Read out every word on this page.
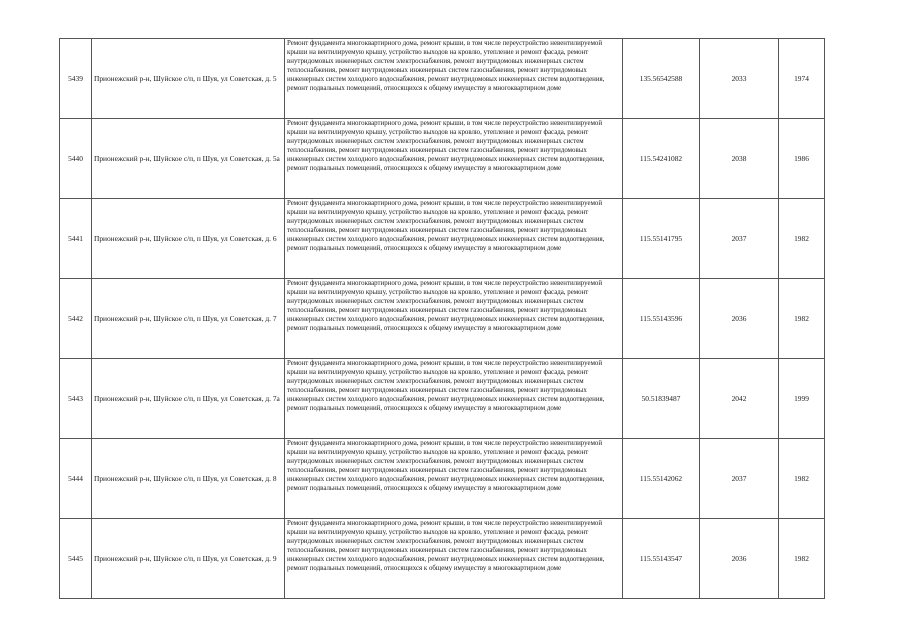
5439	Прионежский р-н, Шуйское с/п, п Шуя, ул Советская, д. 5	Ремонт фундамента многоквартирного дома, ремонт крыши, в том числе переустройство невентилируемой крыши на вентилируемую крышу, устройство выходов на кровлю, утепление и ремонт фасада, ремонт внутридомовых инженерных систем электроснабжения, ремонт внутридомовых инженерных систем теплоснабжения, ремонт внутридомовых инженерных систем газоснабжения, ремонт внутридомовых инженерных систем холодного водоснабжения, ремонт внутридомовых инженерных систем водоотведения, ремонт подвальных помещений, относящихся к общему имуществу в многоквартирном доме	135.56542588	2033	1974
5440	Прионежский р-н, Шуйское с/п, п Шуя, ул Советская, д. 5а	Ремонт фундамента многоквартирного дома, ремонт крыши, в том числе переустройство невентилируемой крыши на вентилируемую крышу, устройство выходов на кровлю, утепление и ремонт фасада, ремонт внутридомовых инженерных систем электроснабжения, ремонт внутридомовых инженерных систем теплоснабжения, ремонт внутридомовых инженерных систем газоснабжения, ремонт внутридомовых инженерных систем холодного водоснабжения, ремонт внутридомовых инженерных систем водоотведения, ремонт подвальных помещений, относящихся к общему имуществу в многоквартирном доме	115.54241082	2038	1986
5441	Прионежский р-н, Шуйское с/п, п Шуя, ул Советская, д. 6	Ремонт фундамента многоквартирного дома, ремонт крыши, в том числе переустройство невентилируемой крыши на вентилируемую крышу, устройство выходов на кровлю, утепление и ремонт фасада, ремонт внутридомовых инженерных систем электроснабжения, ремонт внутридомовых инженерных систем теплоснабжения, ремонт внутридомовых инженерных систем газоснабжения, ремонт внутридомовых инженерных систем холодного водоснабжения, ремонт внутридомовых инженерных систем водоотведения, ремонт подвальных помещений, относящихся к общему имуществу в многоквартирном доме	115.55141795	2037	1982
5442	Прионежский р-н, Шуйское с/п, п Шуя, ул Советская, д. 7	Ремонт фундамента многоквартирного дома, ремонт крыши, в том числе переустройство невентилируемой крыши на вентилируемую крышу, устройство выходов на кровлю, утепление и ремонт фасада, ремонт внутридомовых инженерных систем электроснабжения, ремонт внутридомовых инженерных систем теплоснабжения, ремонт внутридомовых инженерных систем газоснабжения, ремонт внутридомовых инженерных систем холодного водоснабжения, ремонт внутридомовых инженерных систем водоотведения, ремонт подвальных помещений, относящихся к общему имуществу в многоквартирном доме	115.55143596	2036	1982
5443	Прионежский р-н, Шуйское с/п, п Шуя, ул Советская, д. 7а	Ремонт фундамента многоквартирного дома, ремонт крыши, в том числе переустройство невентилируемой крыши на вентилируемую крышу, устройство выходов на кровлю, утепление и ремонт фасада, ремонт внутридомовых инженерных систем электроснабжения, ремонт внутридомовых инженерных систем теплоснабжения, ремонт внутридомовых инженерных систем газоснабжения, ремонт внутридомовых инженерных систем холодного водоснабжения, ремонт внутридомовых инженерных систем водоотведения, ремонт подвальных помещений, относящихся к общему имуществу в многоквартирном доме	50.51839487	2042	1999
5444	Прионежский р-н, Шуйское с/п, п Шуя, ул Советская, д. 8	Ремонт фундамента многоквартирного дома, ремонт крыши, в том числе переустройство невентилируемой крыши на вентилируемую крышу, устройство выходов на кровлю, утепление и ремонт фасада, ремонт внутридомовых инженерных систем электроснабжения, ремонт внутридомовых инженерных систем теплоснабжения, ремонт внутридомовых инженерных систем газоснабжения, ремонт внутридомовых инженерных систем холодного водоснабжения, ремонт внутридомовых инженерных систем водоотведения, ремонт подвальных помещений, относящихся к общему имуществу в многоквартирном доме	115.55142062	2037	1982
5445	Прионежский р-н, Шуйское с/п, п Шуя, ул Советская, д. 9	Ремонт фундамента многоквартирного дома, ремонт крыши, в том числе переустройство невентилируемой крыши на вентилируемую крышу, устройство выходов на кровлю, утепление и ремонт фасада, ремонт внутридомовых инженерных систем электроснабжения, ремонт внутридомовых инженерных систем теплоснабжения, ремонт внутридомовых инженерных систем газоснабжения, ремонт внутридомовых инженерных систем холодного водоснабжения, ремонт внутридомовых инженерных систем водоотведения, ремонт подвальных помещений, относящихся к общему имуществу в многоквартирном доме	115.55143547	2036	1982
